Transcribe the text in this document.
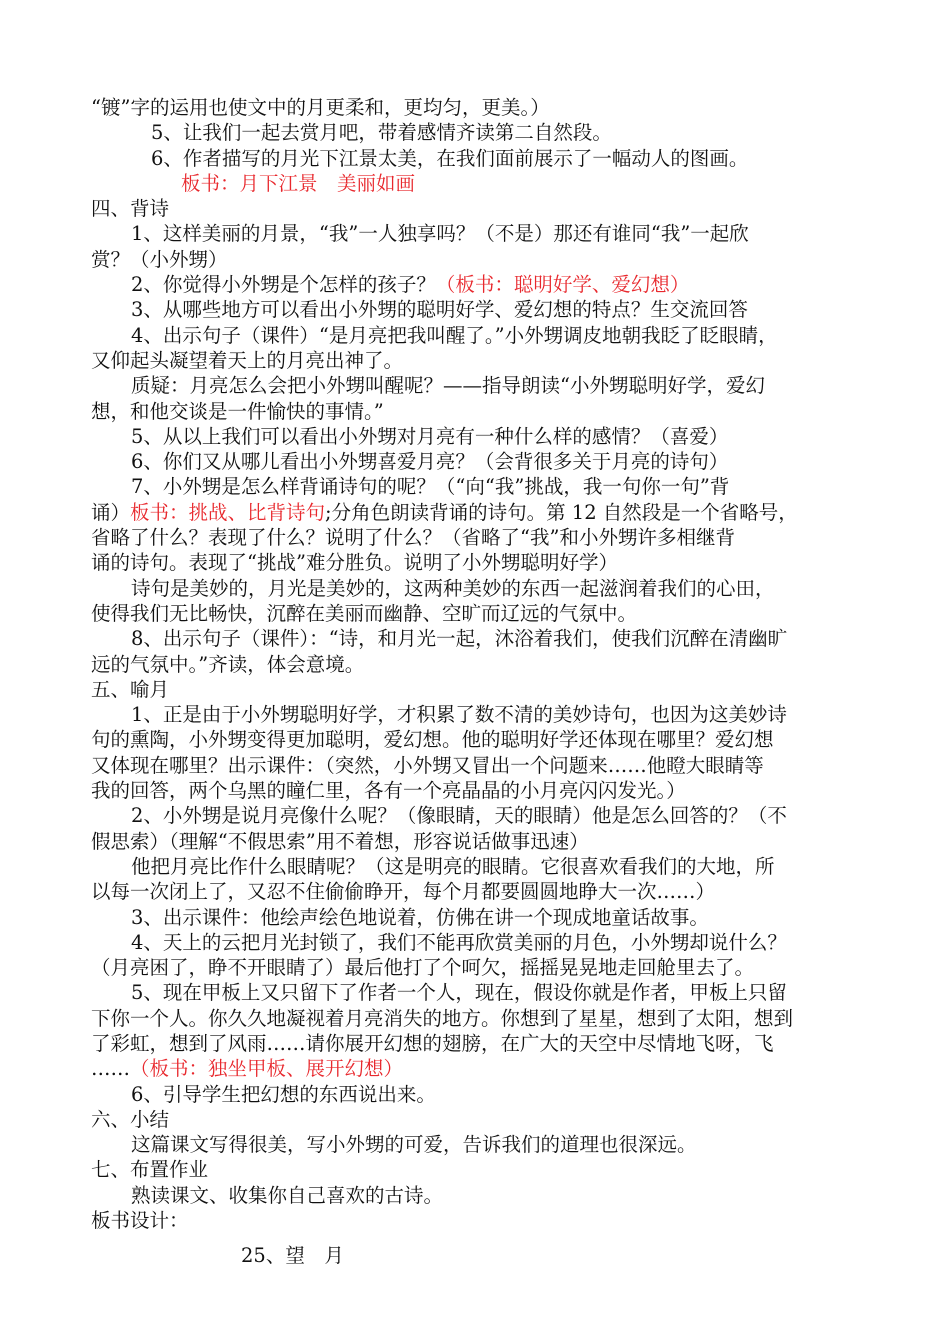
“镀”字的运用也使文中的月更柔和，更均匀，更美。）
5、让我们一起去赏月吧，带着感情齐读第二自然段。
6、作者描写的月光下江景太美，在我们面前展示了一幅动人的图画。
板书：月下江景　美丽如画
四、背诗
1、这样美丽的月景，“我”一人独享吗？（不是）那还有谁同“我”一起欣
赏？（小外甥）
2、你觉得小外甥是个怎样的孩子？（板书：聪明好学、爱幻想）
3、从哪些地方可以看出小外甥的聪明好学、爱幻想的特点？生交流回答
4、出示句子（课件）“是月亮把我叫醒了。”小外甥调皮地朝我眨了眨眼睛，
又仰起头凝望着天上的月亮出神了。
质疑：月亮怎么会把小外甥叫醒呢？——指导朗读“小外甥聪明好学，爱幻
想，和他交谈是一件愉快的事情。”
5、从以上我们可以看出小外甥对月亮有一种什么样的感情？（喜爱）
6、你们又从哪儿看出小外甥喜爱月亮？（会背很多关于月亮的诗句）
7、小外甥是怎么样背诵诗句的呢？（“向“我”挑战，我一句你一句”背
诵）板书：挑战、比背诗句;分角色朗读背诵的诗句。第 12 自然段是一个省略号，
省略了什么？表现了什么？说明了什么？（省略了“我”和小外甥许多相继背
诵的诗句。表现了“挑战”难分胜负。说明了小外甥聪明好学）
诗句是美妙的，月光是美妙的，这两种美妙的东西一起滋润着我们的心田，
使得我们无比畅快，沉醉在美丽而幽静、空旷而辽远的气氛中。
8、出示句子（课件）：“诗，和月光一起，沐浴着我们，使我们沉醉在清幽旷
远的气氛中。”齐读，体会意境。
五、喻月
1、正是由于小外甥聪明好学，才积累了数不清的美妙诗句，也因为这美妙诗
句的熏陶，小外甥变得更加聪明，爱幻想。他的聪明好学还体现在哪里？爱幻想
又体现在哪里？出示课件：（突然，小外甥又冒出一个问题来……他瞪大眼睛等
我的回答，两个乌黑的瞳仁里，各有一个亮晶晶的小月亮闪闪发光。）
2、小外甥是说月亮像什么呢？（像眼睛，天的眼睛）他是怎么回答的？（不
假思索）（理解“不假思索”用不着想，形容说话做事迅速）
他把月亮比作什么眼睛呢？（这是明亮的眼睛。它很喜欢看我们的大地，所
以每一次闭上了，又忍不住偷偷睁开，每个月都要圆圆地睁大一次……）
3、出示课件：他绘声绘色地说着，仿佛在讲一个现成地童话故事。
4、天上的云把月光封锁了，我们不能再欣赏美丽的月色，小外甥却说什么？
（月亮困了，睁不开眼睛了）最后他打了个呵欠，摇摇晃晃地走回舱里去了。
5、现在甲板上又只留下了作者一个人，现在，假设你就是作者，甲板上只留
下你一个人。你久久地凝视着月亮消失的地方。你想到了星星，想到了太阳，想到
了彩虹，想到了风雨……请你展开幻想的翅膀，在广大的天空中尽情地飞呀，飞
……（板书：独坐甲板、展开幻想）
6、引导学生把幻想的东西说出来。
六、小结
这篇课文写得很美，写小外甥的可爱，告诉我们的道理也很深远。
七、布置作业
熟读课文、收集你自己喜欢的古诗。
板书设计：
25、望　月
